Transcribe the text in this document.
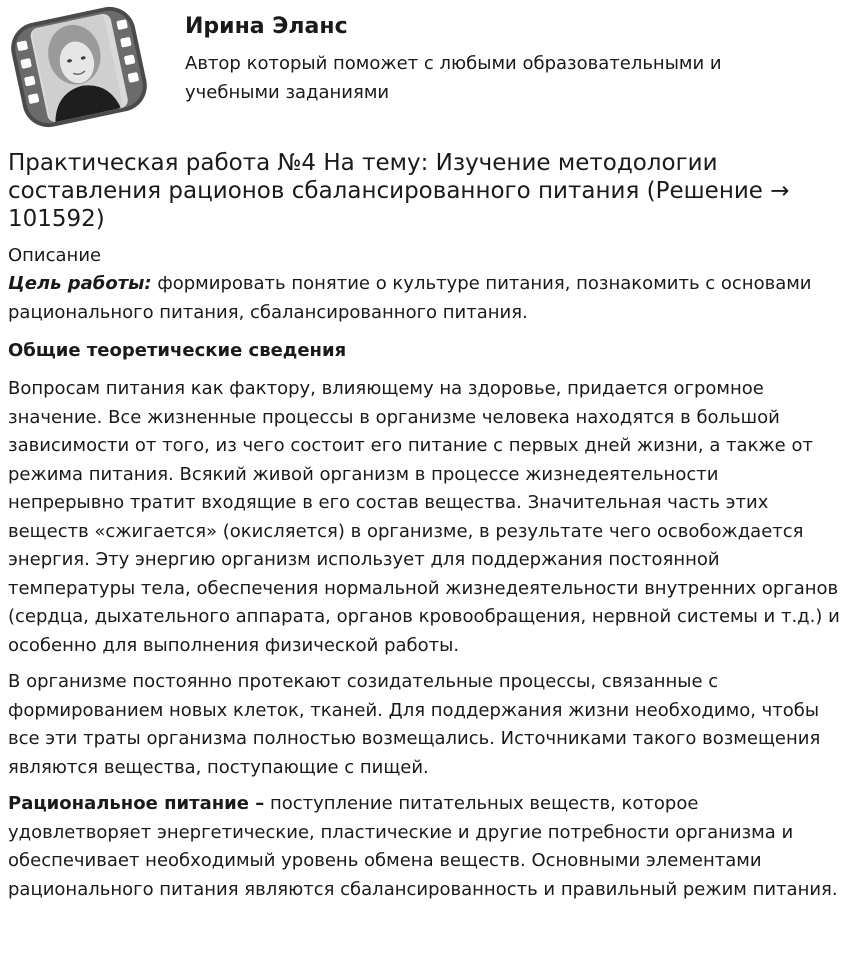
Ирина Эланс
Автор который поможет с любыми образовательными и учебными заданиями
Практическая работа №4 На тему: Изучение методологии составления рационов сбалансированного питания (Решение → 101592)
Описание

Цель работы: формировать понятие о культуре питания, познакомить с основами рационального питания, сбалансированного питания.

Общие теоретические сведения

Вопросам питания как фактору, влияющему на здоровье, придается огромное значение. Все жизненные процессы в организме человека находятся в большой зависимости от того, из чего состоит его питание с первых дней жизни, а также от режима питания. Всякий живой организм в процессе жизнедеятельности непрерывно тратит входящие в его состав вещества. Значительная часть этих веществ «сжигается» (окисляется) в организме, в результате чего освобождается энергия. Эту энергию организм использует для поддержания постоянной температуры тела, обеспечения нормальной жизнедеятельности внутренних органов (сердца, дыхательного аппарата, органов кровообращения, нервной системы и т.д.) и особенно для выполнения физической работы.

В организме постоянно протекают созидательные процессы, связанные с формированием новых клеток, тканей. Для поддержания жизни необходимо, чтобы все эти траты организма полностью возмещались. Источниками такого возмещения являются вещества, поступающие с пищей.

Рациональное питание – поступление питательных веществ, которое удовлетворяет энергетические, пластические и другие потребности организма и обеспечивает необходимый уровень обмена веществ. Основными элементами рационального питания являются сбалансированность и правильный режим питания.
